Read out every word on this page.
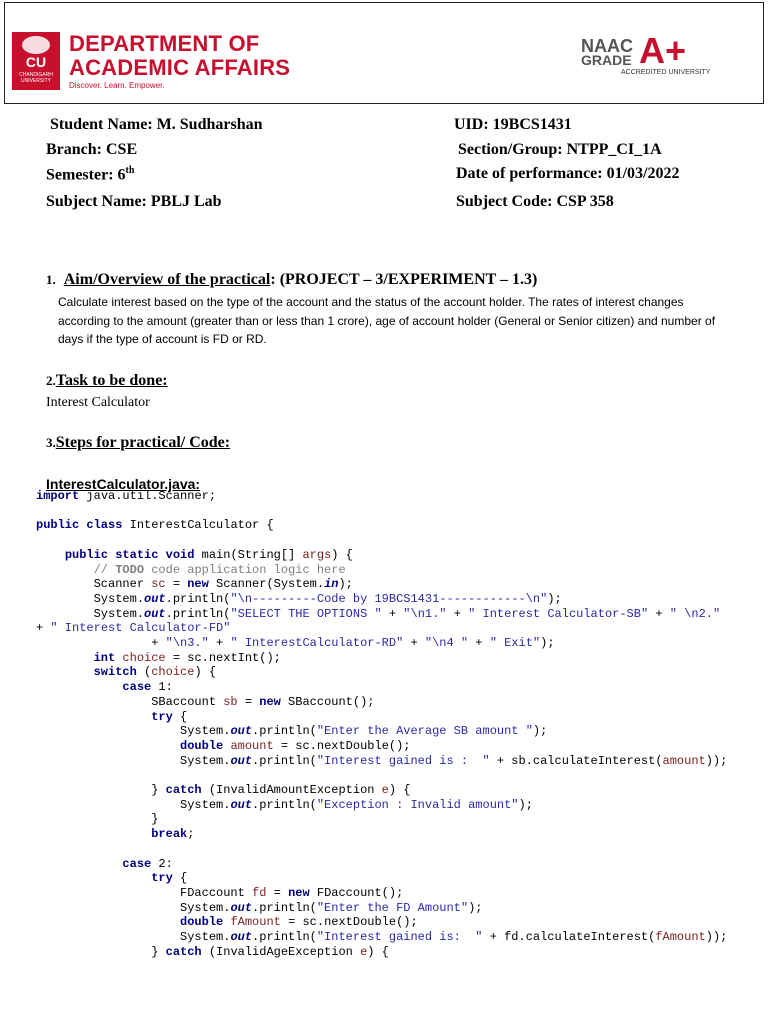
CU
CHANDIGARH UNIVERSITY
DEPARTMENT OF
ACADEMIC AFFAIRS
Discover. Learn. Empower.
NAAC
GRADE A+
ACCREDITED UNIVERSITY
Student Name: M. Sudharshan	UID: 19BCS1431
Branch: CSE	Section/Group: NTPP_CI_1A
Semester: 6th	Date of performance: 01/03/2022
Subject Name: PBLJ Lab	Subject Code: CSP 358
1. Aim/Overview of the practical: (PROJECT – 3/EXPERIMENT – 1.3)
Calculate interest based on the type of the account and the status of the account holder. The rates of interest changes according to the amount (greater than or less than 1 crore), age of account holder (General or Senior citizen) and number of days if the type of account is FD or RD.
2.Task to be done:
Interest Calculator
3.Steps for practical/ Code:
InterestCalculator.java:
import java.util.Scanner;

public class InterestCalculator {

public static void main(String[] args) {
// TODO code application logic here
Scanner sc = new Scanner(System.in);
System.out.println("\n---------Code by 19BCS1431------------\n");
System.out.println("SELECT THE OPTIONS " + "\n1." + " Interest Calculator-SB" + " \n2."
+ " Interest Calculator-FD"
+ "\n3." + " InterestCalculator-RD" + "\n4 " + " Exit");
int choice = sc.nextInt();
switch (choice) {
case 1:
SBaccount sb = new SBaccount();
try {
System.out.println("Enter the Average SB amount ");
double amount = sc.nextDouble();
System.out.println("Interest gained is :  " + sb.calculateInterest(amount));

} catch (InvalidAmountException e) {
System.out.println("Exception : Invalid amount");
}
break;

case 2:
try {
FDaccount fd = new FDaccount();
System.out.println("Enter the FD Amount");
double fAmount = sc.nextDouble();
System.out.println("Interest gained is:  " + fd.calculateInterest(fAmount));
} catch (InvalidAgeException e) {
